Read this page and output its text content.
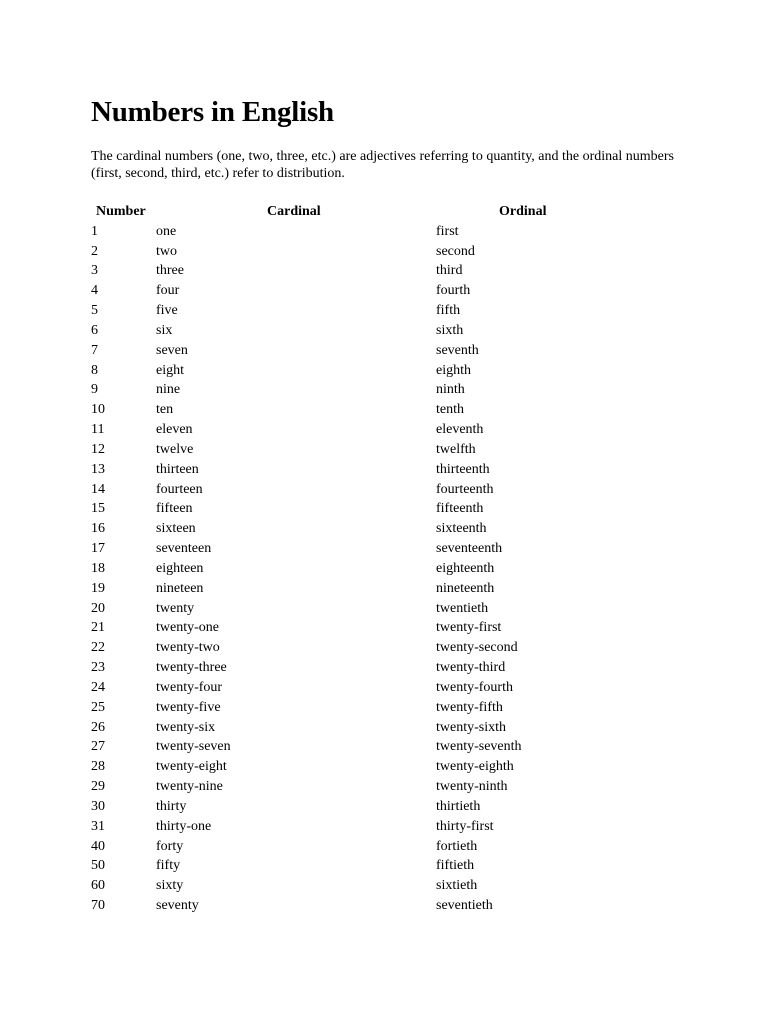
Numbers in English

The cardinal numbers (one, two, three, etc.) are adjectives referring to quantity, and the ordinal numbers (first, second, third, etc.) refer to distribution.

Number	Cardinal	Ordinal
1	one	first
2	two	second
3	three	third
4	four	fourth
5	five	fifth
6	six	sixth
7	seven	seventh
8	eight	eighth
9	nine	ninth
10	ten	tenth
11	eleven	eleventh
12	twelve	twelfth
13	thirteen	thirteenth
14	fourteen	fourteenth
15	fifteen	fifteenth
16	sixteen	sixteenth
17	seventeen	seventeenth
18	eighteen	eighteenth
19	nineteen	nineteenth
20	twenty	twentieth
21	twenty-one	twenty-first
22	twenty-two	twenty-second
23	twenty-three	twenty-third
24	twenty-four	twenty-fourth
25	twenty-five	twenty-fifth
26	twenty-six	twenty-sixth
27	twenty-seven	twenty-seventh
28	twenty-eight	twenty-eighth
29	twenty-nine	twenty-ninth
30	thirty	thirtieth
31	thirty-one	thirty-first
40	forty	fortieth
50	fifty	fiftieth
60	sixty	sixtieth
70	seventy	seventieth
